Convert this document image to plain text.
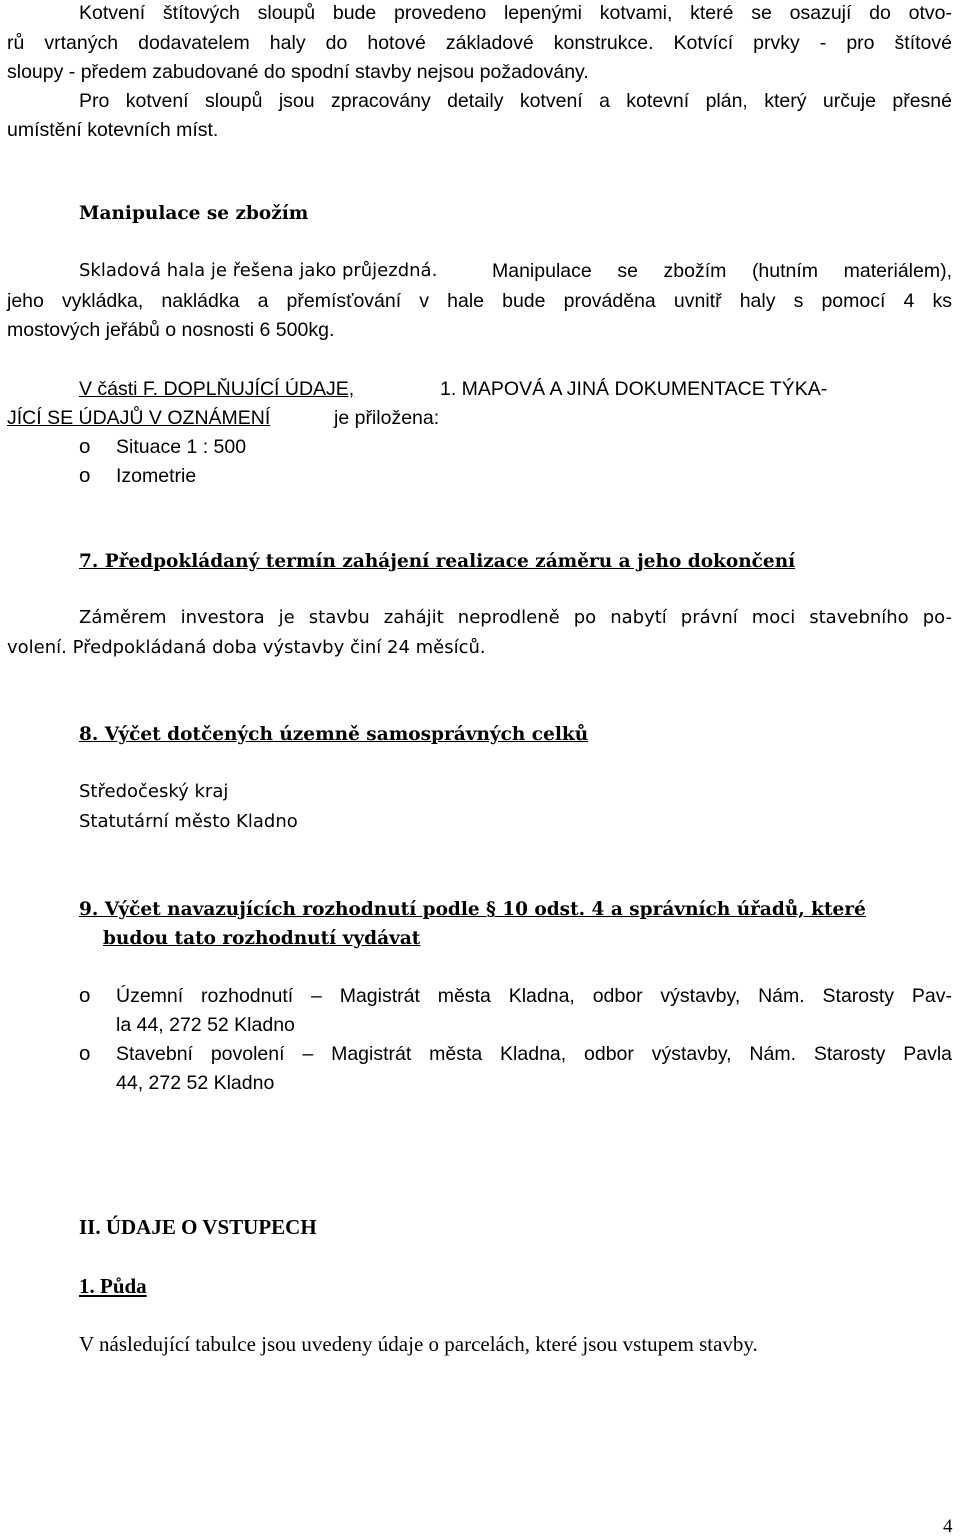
Kotvení štítových sloupů bude provedeno lepenými kotvami, které se osazují do otvo-
rů vrtaných dodavatelem haly do hotové základové konstrukce. Kotvící prvky - pro štítové
sloupy - předem zabudované do spodní stavby nejsou požadovány.
Pro kotvení sloupů jsou zpracovány detaily kotvení a kotevní plán, který určuje přesné
umístění kotevních míst.
Manipulace se zbožím
Skladová hala je řešena jako průjezdná.	Manipulace se zbožím (hutním materiálem),
jeho vykládka, nakládka a přemísťování v hale bude prováděna uvnitř haly s pomocí 4 ks
mostových jeřábů o nosnosti 6 500kg.
V části F. DOPLŇUJÍCÍ ÚDAJE,	1. MAPOVÁ A JINÁ DOKUMENTACE TÝKA-
JÍCÍ SE ÚDAJŮ V OZNÁMENÍ	je přiložena:
o Situace 1 : 500
o Izometrie
7. Předpokládaný termín zahájení realizace záměru a jeho dokončení
Záměrem investora je stavbu zahájit neprodleně po nabytí právní moci stavebního po-
volení. Předpokládaná doba výstavby činí 24 měsíců.
8. Výčet dotčených územně samosprávných celků
Středočeský kraj
Statutární město Kladno
9. Výčet navazujících rozhodnutí podle § 10 odst. 4 a správních úřadů, které
budou tato rozhodnutí vydávat
o Územní rozhodnutí – Magistrát města Kladna, odbor výstavby, Nám. Starosty Pav-
la 44, 272 52 Kladno
o Stavební povolení – Magistrát města Kladna, odbor výstavby, Nám. Starosty Pavla
44, 272 52 Kladno
II. ÚDAJE O VSTUPECH
1. Půda
V následující tabulce jsou uvedeny údaje o parcelách, které jsou vstupem stavby.
4
